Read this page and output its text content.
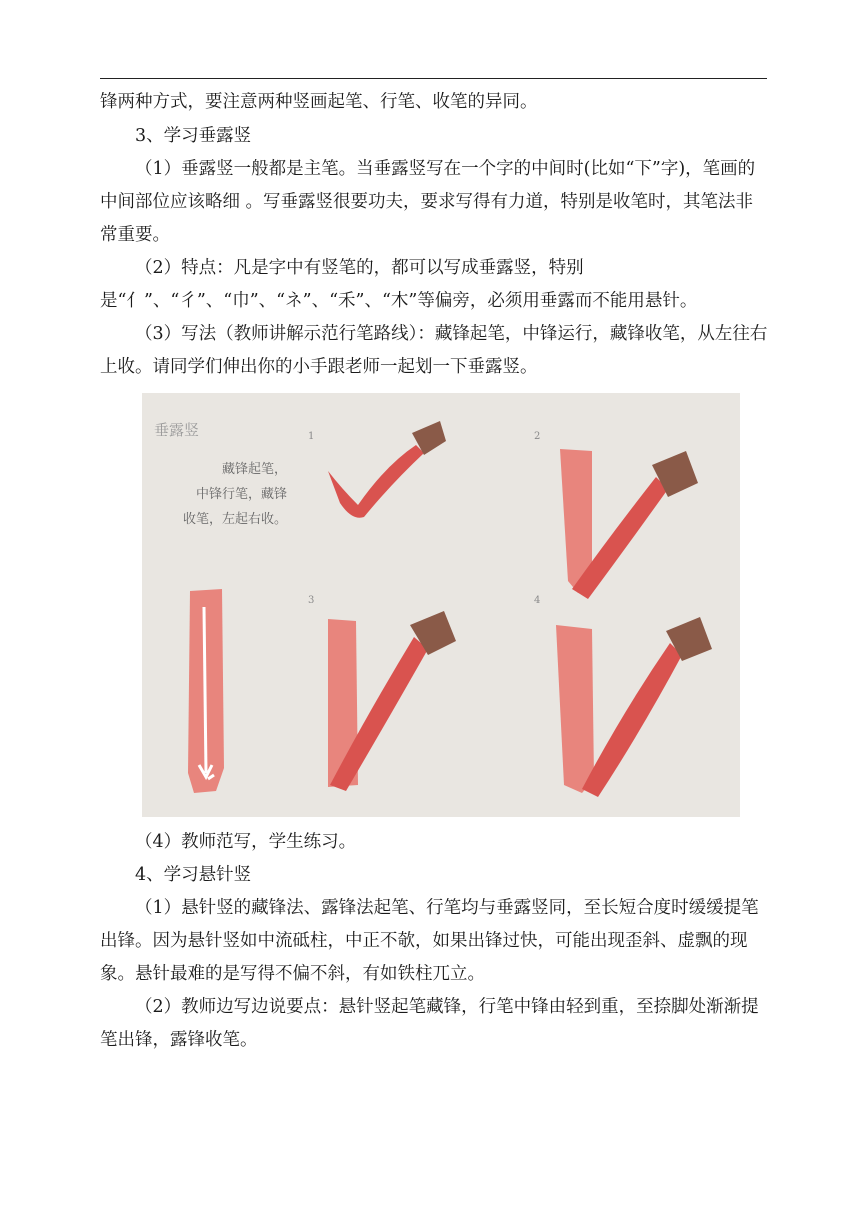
锋两种方式，要注意两种竖画起笔、行笔、收笔的异同。

3、学习垂露竖

（1）垂露竖一般都是主笔。当垂露竖写在一个字的中间时(比如“下”字)，笔画的中间部位应该略细 。写垂露竖很要功夫，要求写得有力道，特别是收笔时，其笔法非常重要。

（2）特点：凡是字中有竖笔的，都可以写成垂露竖，特别是“亻”、“彳”、“巾”、“ネ”、“禾”、“木”等偏旁，必须用垂露而不能用悬针。

（3）写法（教师讲解示范行笔路线）：藏锋起笔，中锋运行，藏锋收笔，从左往右上收。请同学们伸出你的小手跟老师一起划一下垂露竖。

垂露竖
藏锋起笔，
中锋行笔，藏锋
收笔，左起右收。
1	2
3	4

（4）教师范写，学生练习。

4、学习悬针竖

（1）悬针竖的藏锋法、露锋法起笔、行笔均与垂露竖同，至长短合度时缓缓提笔出锋。因为悬针竖如中流砥柱，中正不欹，如果出锋过快，可能出现歪斜、虚飘的现象。悬针最难的是写得不偏不斜，有如铁柱兀立。

（2）教师边写边说要点：悬针竖起笔藏锋，行笔中锋由轻到重，至捺脚处渐渐提笔出锋，露锋收笔。
